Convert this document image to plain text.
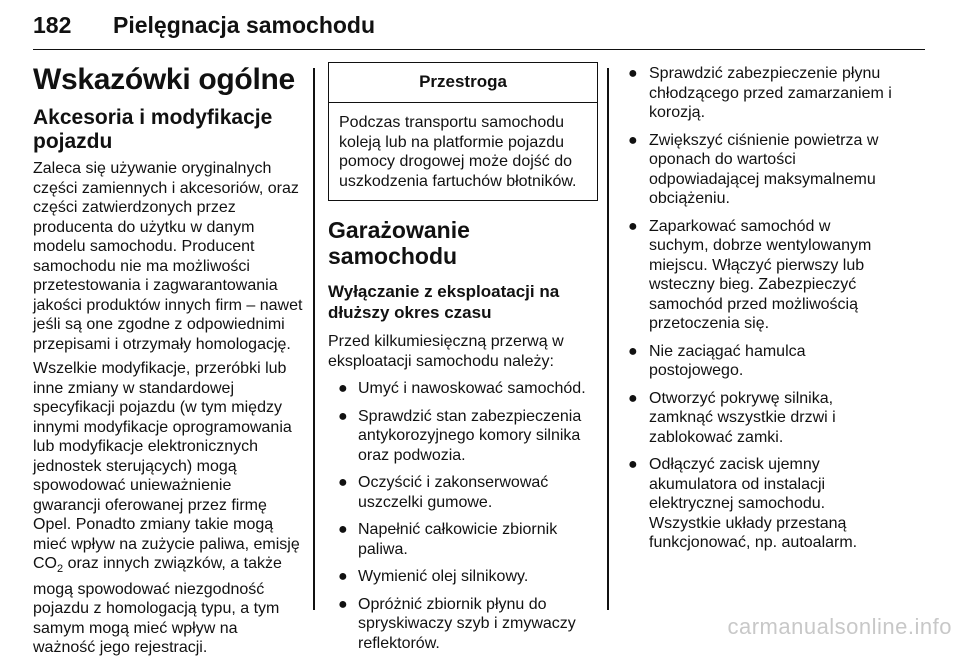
182 Pielęgnacja samochodu
Wskazówki ogólne
Akcesoria i modyfikacje pojazdu

Zaleca się używanie oryginalnych części zamiennych i akcesoriów, oraz części zatwierdzonych przez producenta do użytku w danym modelu samochodu. Producent samochodu nie ma możliwości przetestowania i zagwarantowania jakości produktów innych firm – nawet jeśli są one zgodne z odpowiednimi przepisami i otrzymały homologację.

Wszelkie modyfikacje, przeróbki lub inne zmiany w standardowej specyfikacji pojazdu (w tym między innymi modyfikacje oprogramowania lub modyfikacje elektronicznych jednostek sterujących) mogą spowodować unieważnienie gwarancji oferowanej przez firmę Opel. Ponadto zmiany takie mogą mieć wpływ na zużycie paliwa, emisję $CO_2$ oraz innych związków, a także mogą spowodować niezgodność pojazdu z homologacją typu, a tym samym mogą mieć wpływ na ważność jego rejestracji.

Przestroga
Podczas transportu samochodu koleją lub na platformie pojazdu pomocy drogowej może dojść do uszkodzenia fartuchów błotników.
Garażowanie samochodu
Wyłączanie z eksploatacji na dłuższy okres czasu

Przed kilkumiesięczną przerwą w eksploatacji samochodu należy:

● Umyć i nawoskować samochód.
● Sprawdzić stan zabezpieczenia antykorozyjnego komory silnika oraz podwozia.
● Oczyścić i zakonserwować uszczelki gumowe.
● Napełnić całkowicie zbiornik paliwa.
● Wymienić olej silnikowy.
● Opróżnić zbiornik płynu do spryskiwaczy szyb i zmywaczy reflektorów.
● Sprawdzić zabezpieczenie płynu chłodzącego przed zamarzaniem i korozją.
● Zwiększyć ciśnienie powietrza w oponach do wartości odpowiadającej maksymalnemu obciążeniu.
● Zaparkować samochód w suchym, dobrze wentylowanym miejscu. Włączyć pierwszy lub wsteczny bieg. Zabezpieczyć samochód przed możliwością przetoczenia się.
● Nie zaciągać hamulca postojowego.
● Otworzyć pokrywę silnika, zamknąć wszystkie drzwi i zablokować zamki.
● Odłączyć zacisk ujemny akumulatora od instalacji elektrycznej samochodu. Wszystkie układy przestaną funkcjonować, np. autoalarm.
carmanualsonline.info
